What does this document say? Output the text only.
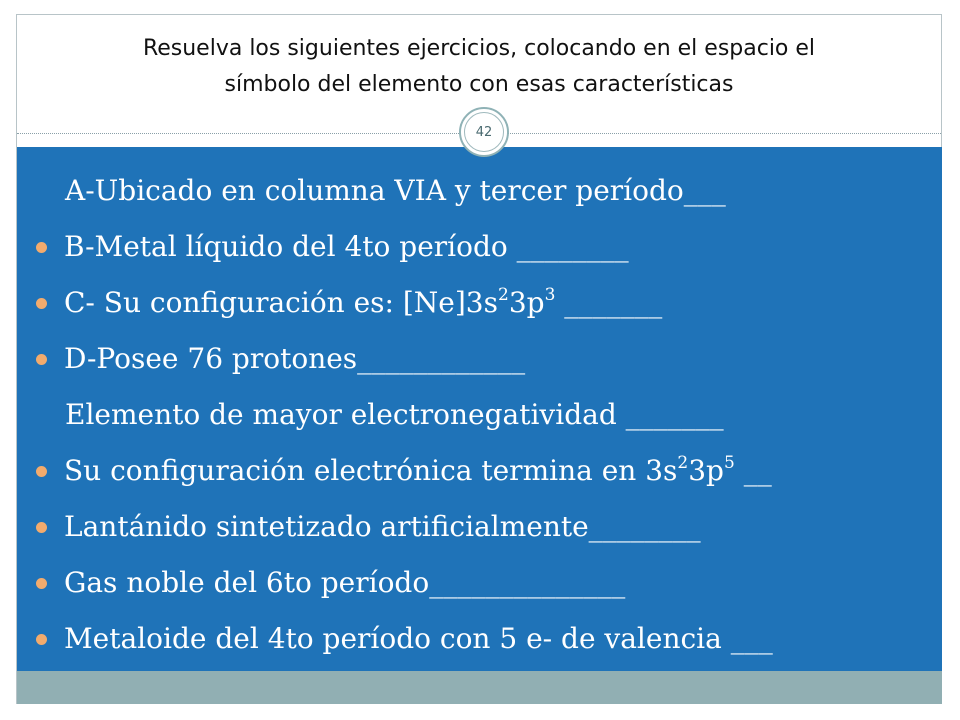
Resuelva los siguientes ejercicios, colocando en el espacio el
símbolo del elemento con esas características
42
A-Ubicado en columna VIA y tercer período___
B-Metal líquido del 4to período ________
C- Su configuración es: $[Ne]3s^23p^3$ _______
D-Posee 76 protones____________
Elemento de mayor electronegatividad _______
Su configuración electrónica termina en $3s^23p^5$ __
Lantánido sintetizado artificialmente________
Gas noble del 6to período______________
Metaloide del 4to período con 5 e- de valencia ___
